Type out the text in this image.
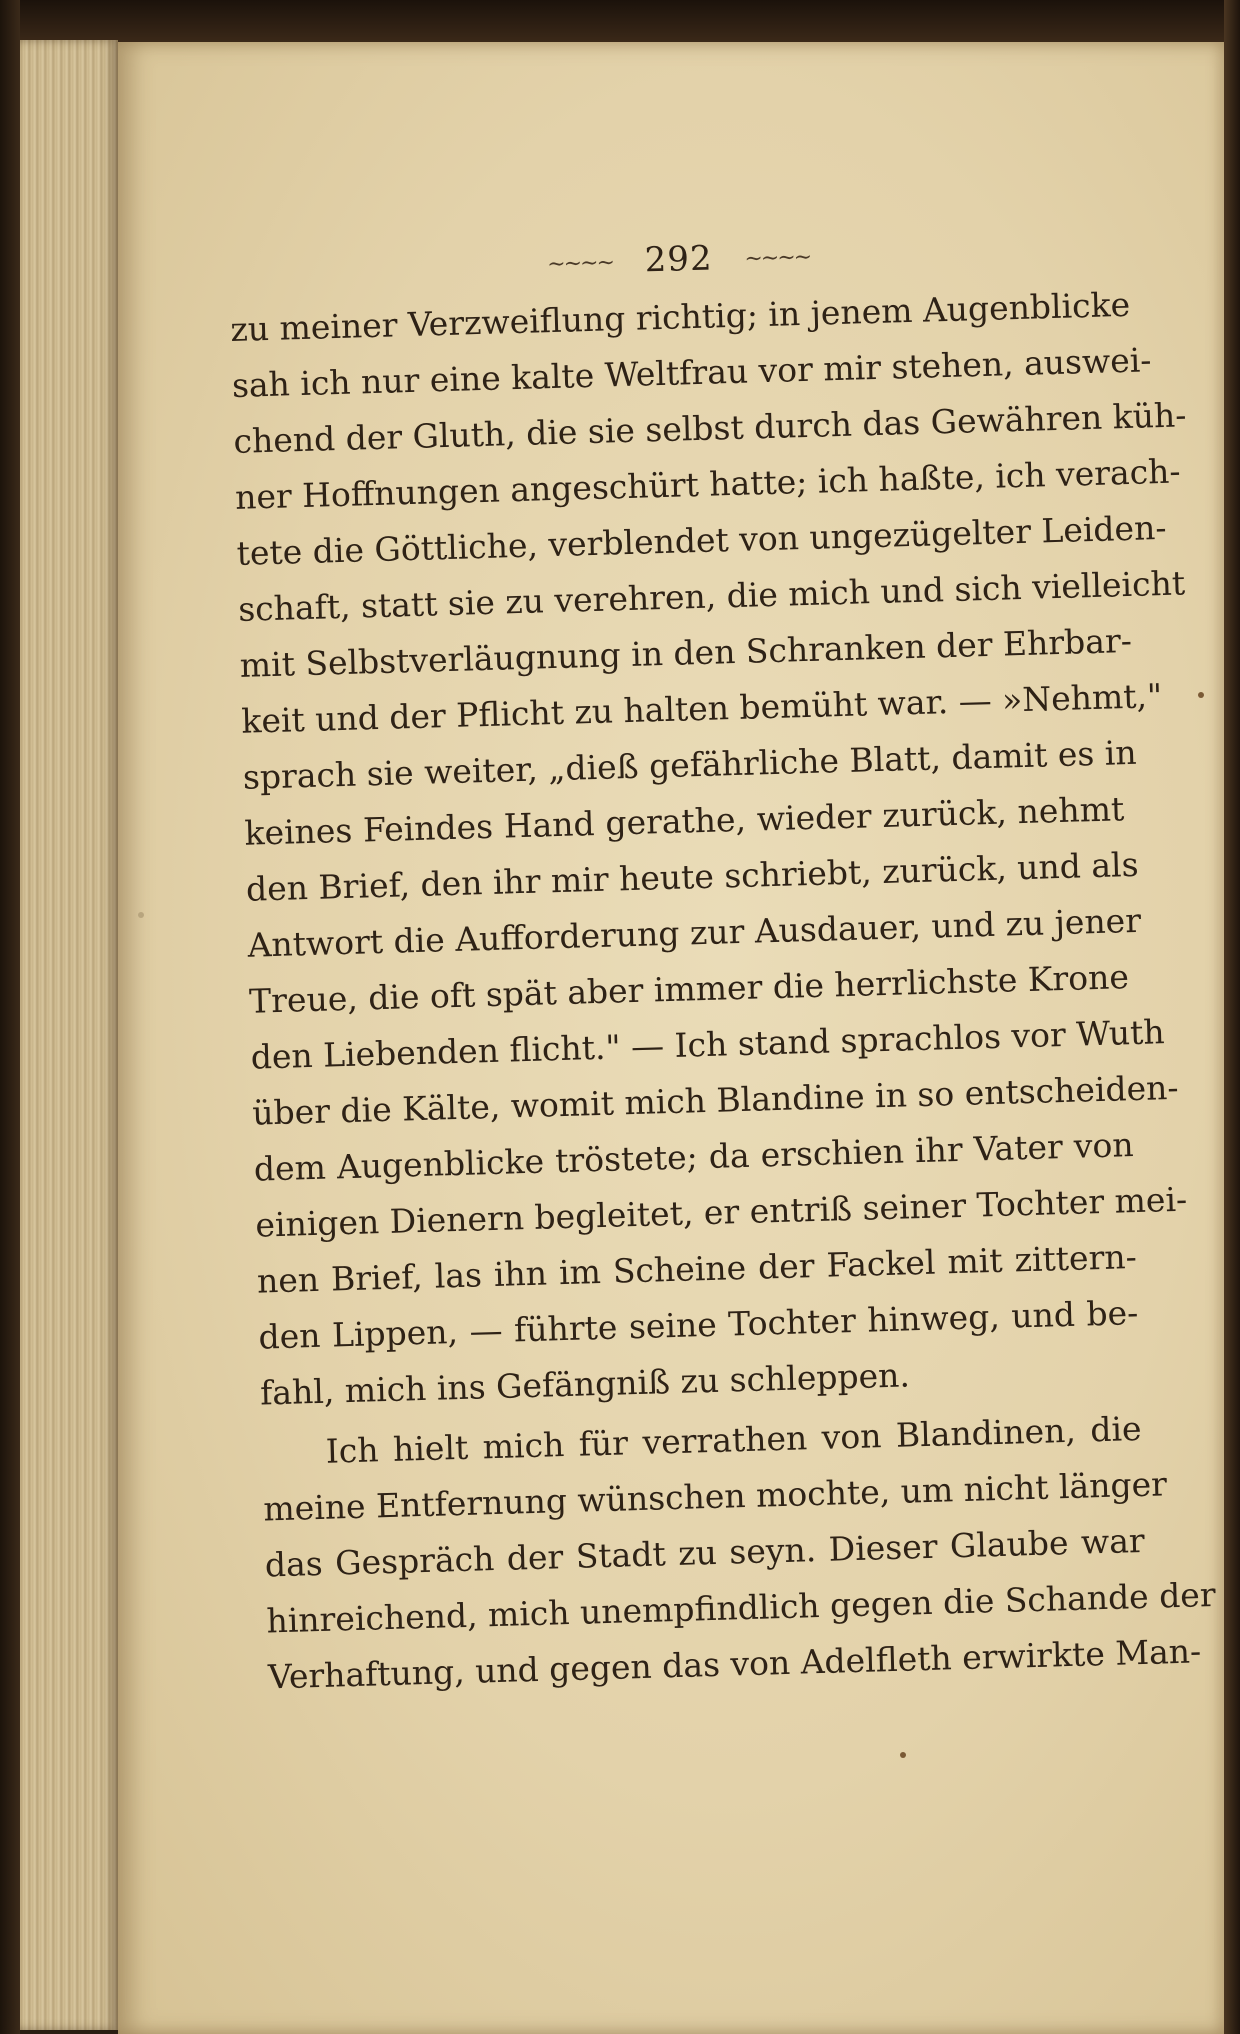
~~~~ 292 ~~~~
zu meiner Verzweiflung richtig; in jenem Augenblicke
sah ich nur eine kalte Weltfrau vor mir stehen, auswei-
chend der Gluth, die sie selbst durch das Gewähren küh-
ner Hoffnungen angeschürt hatte; ich haßte, ich verach-
tete die Göttliche, verblendet von ungezügelter Leiden-
schaft, statt sie zu verehren, die mich und sich vielleicht
mit Selbstverläugnung in den Schranken der Ehrbar-
keit und der Pflicht zu halten bemüht war. — »Nehmt,"
sprach sie weiter, „dieß gefährliche Blatt, damit es in
keines Feindes Hand gerathe, wieder zurück, nehmt
den Brief, den ihr mir heute schriebt, zurück, und als
Antwort die Aufforderung zur Ausdauer, und zu jener
Treue, die oft spät aber immer die herrlichste Krone
den Liebenden flicht." — Ich stand sprachlos vor Wuth
über die Kälte, womit mich Blandine in so entscheiden-
dem Augenblicke tröstete; da erschien ihr Vater von
einigen Dienern begleitet, er entriß seiner Tochter mei-
nen Brief, las ihn im Scheine der Fackel mit zittern-
den Lippen, — führte seine Tochter hinweg, und be-
fahl, mich ins Gefängniß zu schleppen.
Ich hielt mich für verrathen von Blandinen, die
meine Entfernung wünschen mochte, um nicht länger
das Gespräch der Stadt zu seyn. Dieser Glaube war
hinreichend, mich unempfindlich gegen die Schande der
Verhaftung, und gegen das von Adelfleth erwirkte Man-
